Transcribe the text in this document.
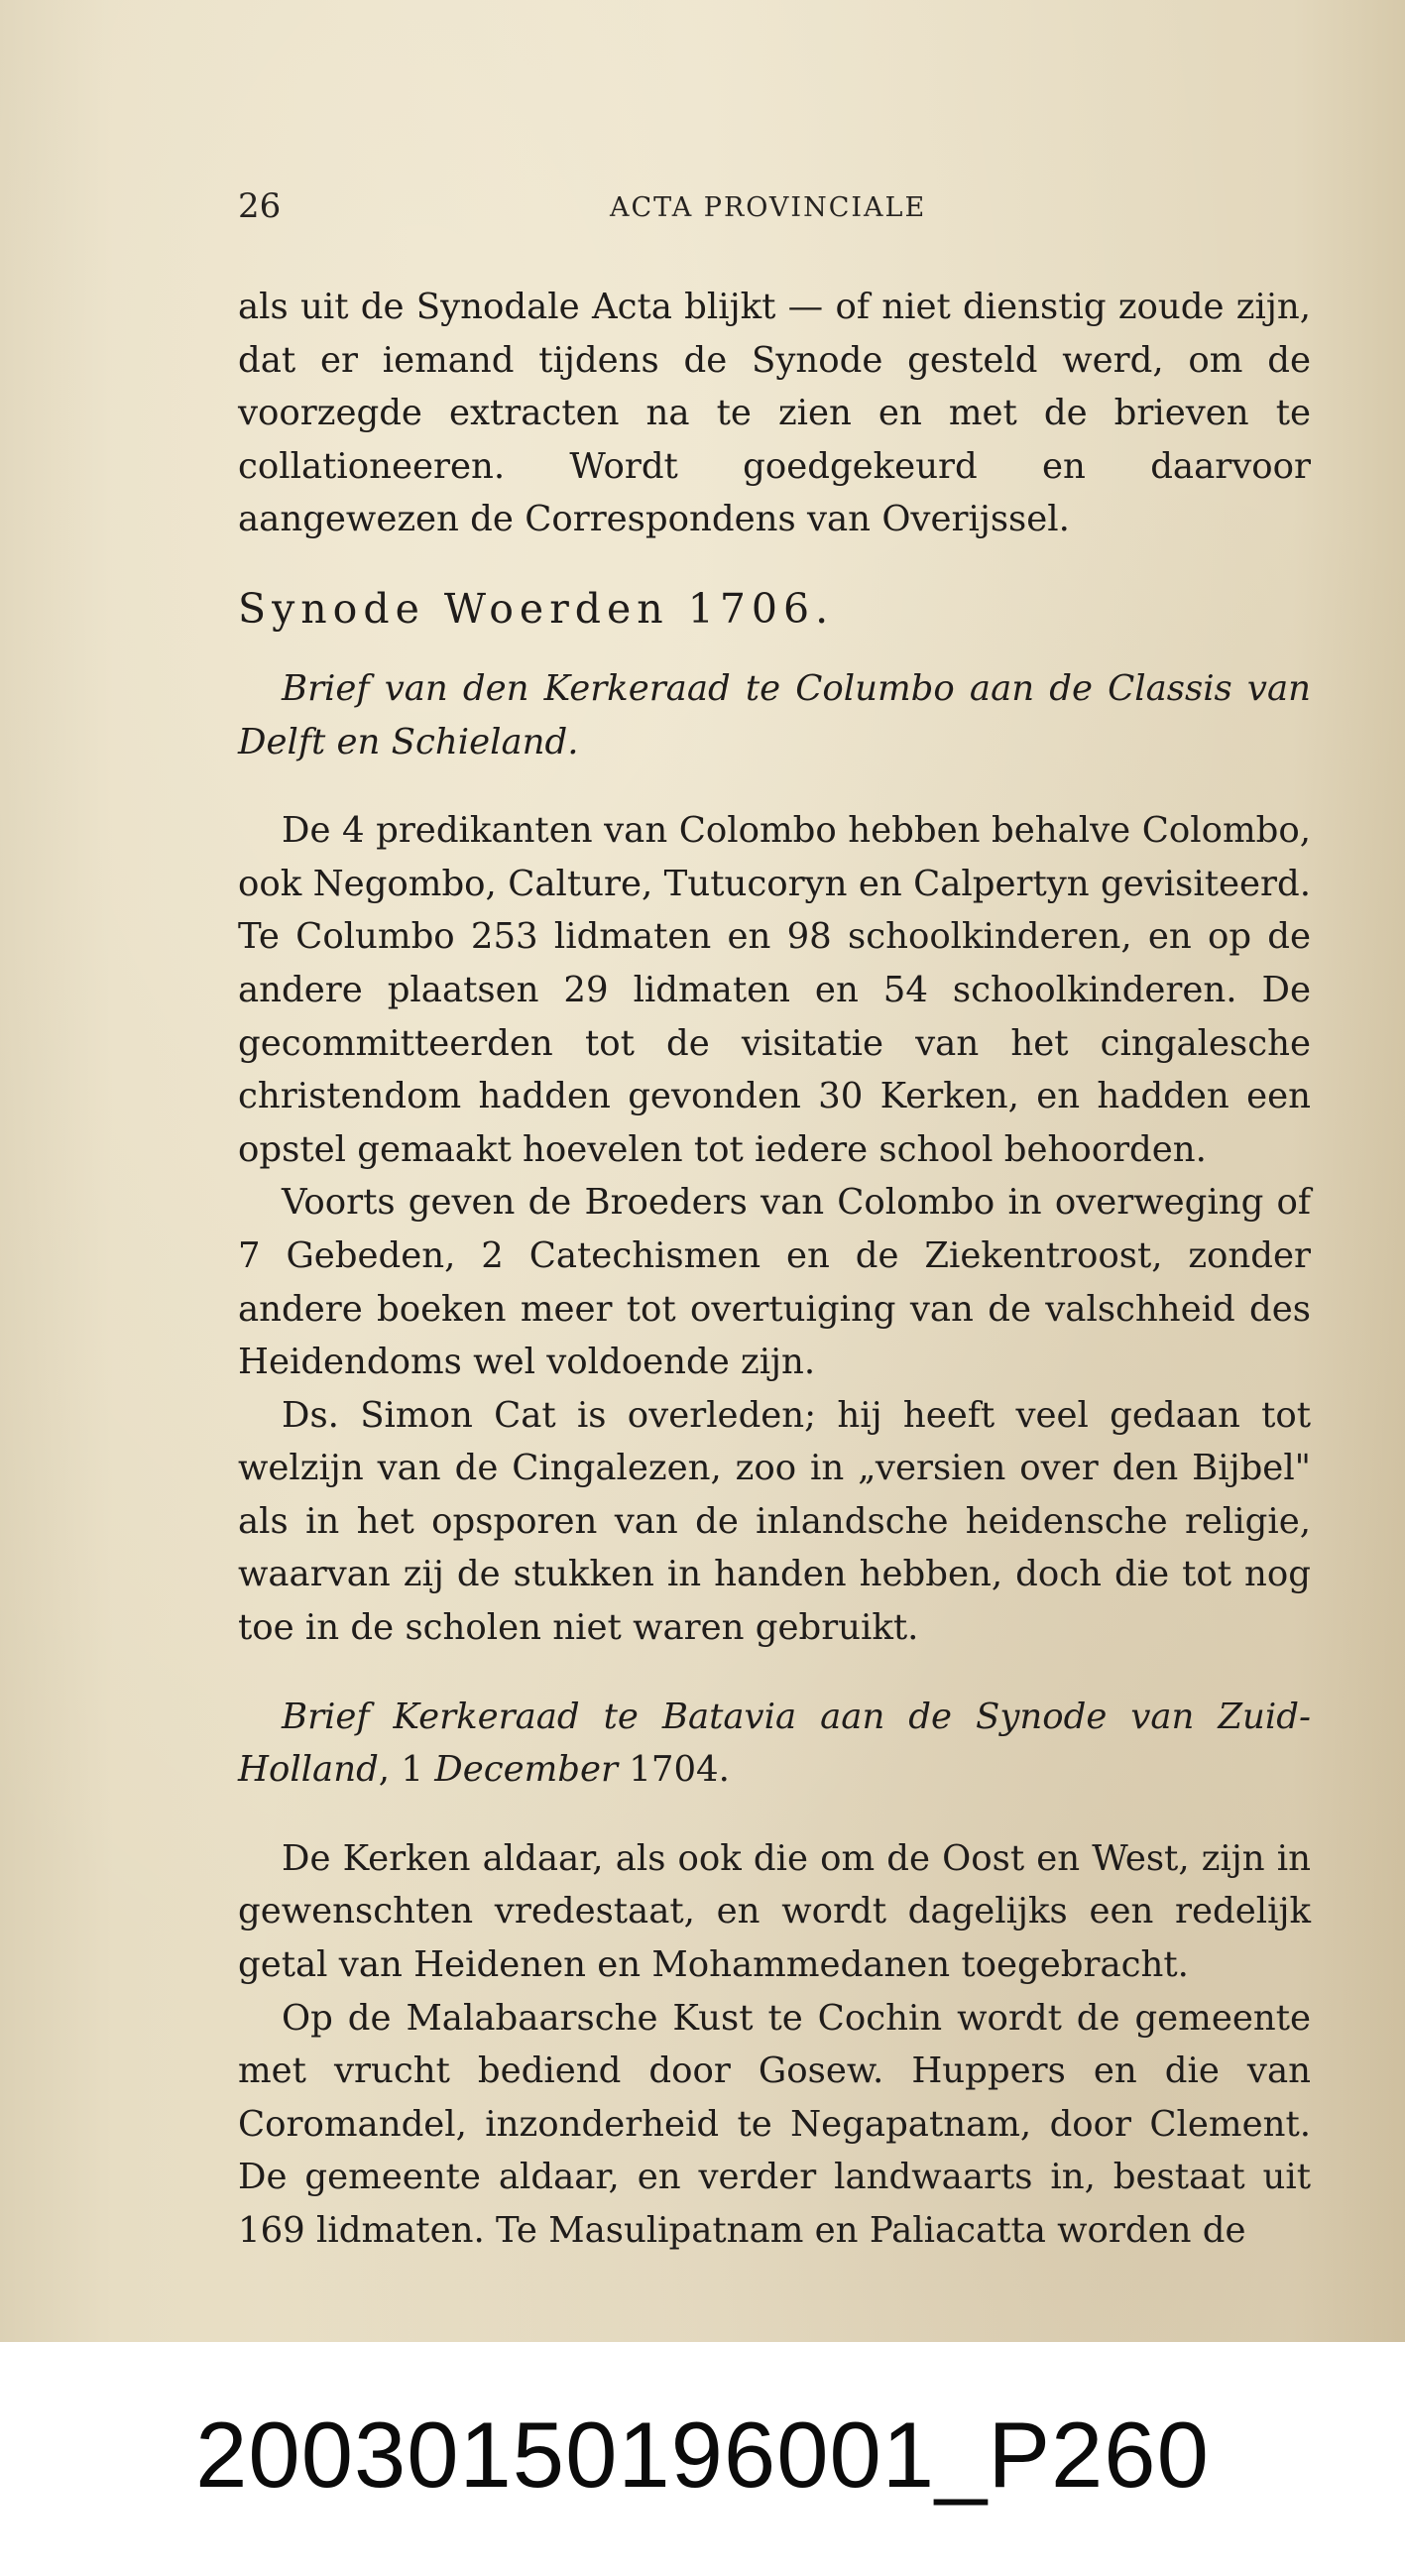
26	ACTA PROVINCIALE

als uit de Synodale Acta blijkt — of niet dienstig zoude zijn, dat er iemand tijdens de Synode gesteld werd, om de voorzegde extracten na te zien en met de brieven te collationeeren. Wordt goedgekeurd en daarvoor aangewezen de Correspondens van Overijssel.

Synode Woerden 1706.

Brief van den Kerkeraad te Columbo aan de Classis van Delft en Schieland.

De 4 predikanten van Colombo hebben behalve Colombo, ook Negombo, Calture, Tutucoryn en Calpertyn gevisiteerd. Te Columbo 253 lidmaten en 98 schoolkinderen, en op de andere plaatsen 29 lidmaten en 54 schoolkinderen. De gecommitteerden tot de visitatie van het cingalesche christendom hadden gevonden 30 Kerken, en hadden een opstel gemaakt hoevelen tot iedere school behoorden.

Voorts geven de Broeders van Colombo in overweging of 7 Gebeden, 2 Catechismen en de Ziekentroost, zonder andere boeken meer tot overtuiging van de valschheid des Heidendoms wel voldoende zijn.

Ds. Simon Cat is overleden; hij heeft veel gedaan tot welzijn van de Cingalezen, zoo in „versien over den Bijbel" als in het opsporen van de inlandsche heidensche religie, waarvan zij de stukken in handen hebben, doch die tot nog toe in de scholen niet waren gebruikt.

Brief Kerkeraad te Batavia aan de Synode van Zuid-Holland, 1 December 1704.

De Kerken aldaar, als ook die om de Oost en West, zijn in gewenschten vredestaat, en wordt dagelijks een redelijk getal van Heidenen en Mohammedanen toegebracht.

Op de Malabaarsche Kust te Cochin wordt de gemeente met vrucht bediend door Gosew. Huppers en die van Coromandel, inzonderheid te Negapatnam, door Clement. De gemeente aldaar, en verder landwaarts in, bestaat uit 169 lidmaten. Te Masulipatnam en Paliacatta worden de

20030150196001_P260
